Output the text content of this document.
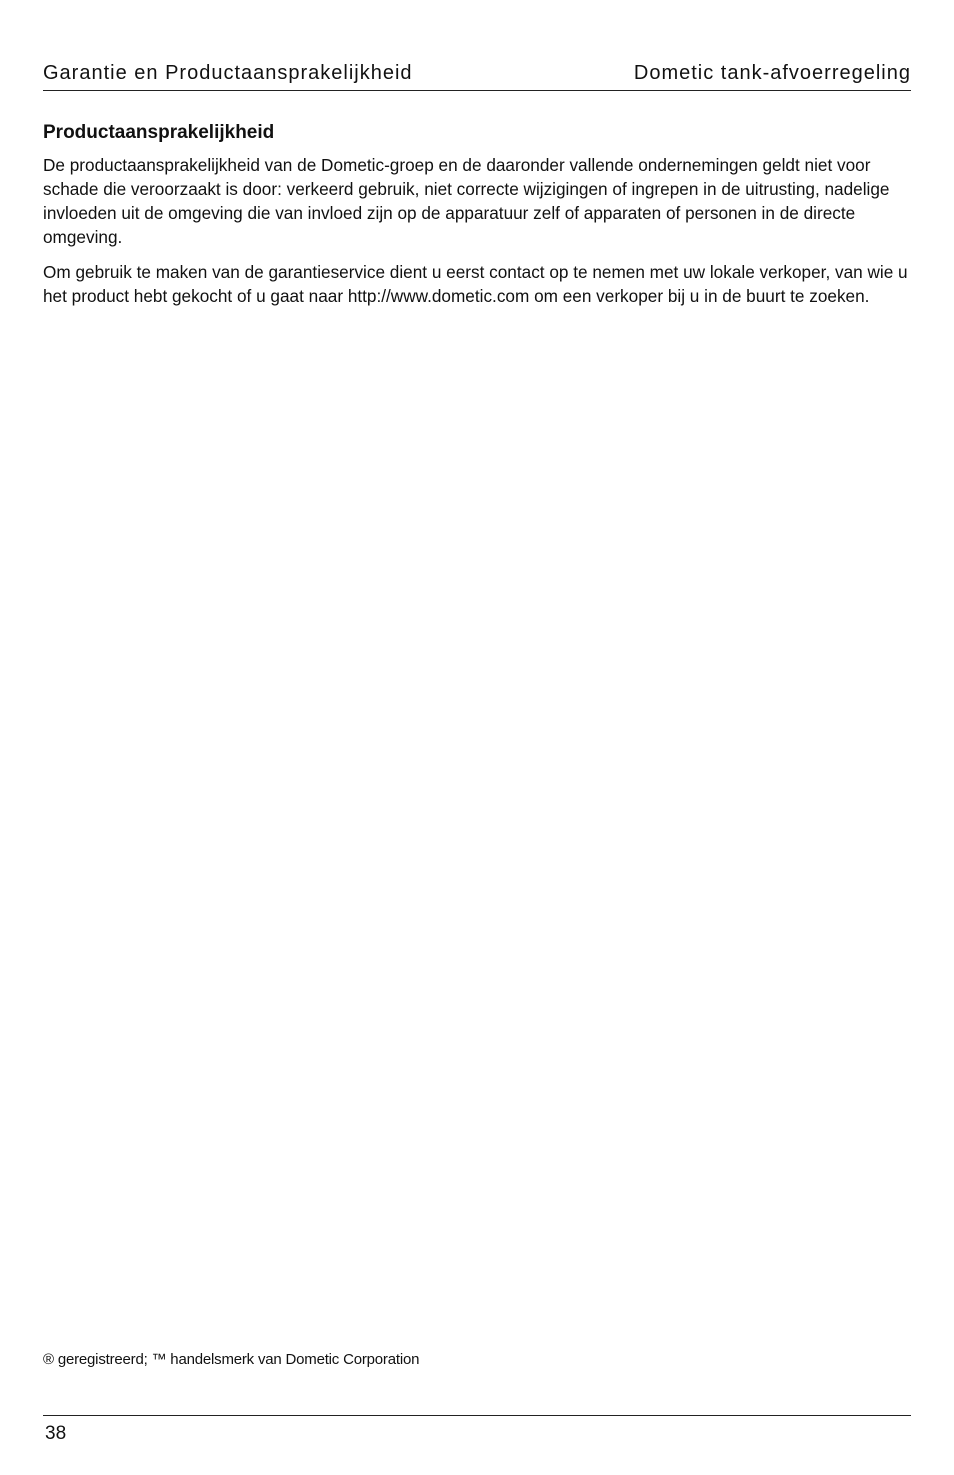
Garantie en Productaansprakelijkheid	Dometic tank-afvoerregeling
Productaansprakelijkheid

De productaansprakelijkheid van de Dometic-groep en de daaronder vallende ondernemingen geldt niet voor schade die veroorzaakt is door: verkeerd gebruik, niet correcte wijzigingen of ingrepen in de uitrusting, nadelige invloeden uit de omgeving die van invloed zijn op de apparatuur zelf of apparaten of personen in de directe omgeving.

Om gebruik te maken van de garantieservice dient u eerst contact op te nemen met uw lokale verkoper, van wie u het product hebt gekocht of u gaat naar http://www.dometic.com om een verkoper bij u in de buurt te zoeken.

® geregistreerd; ™ handelsmerk van Dometic Corporation
38
